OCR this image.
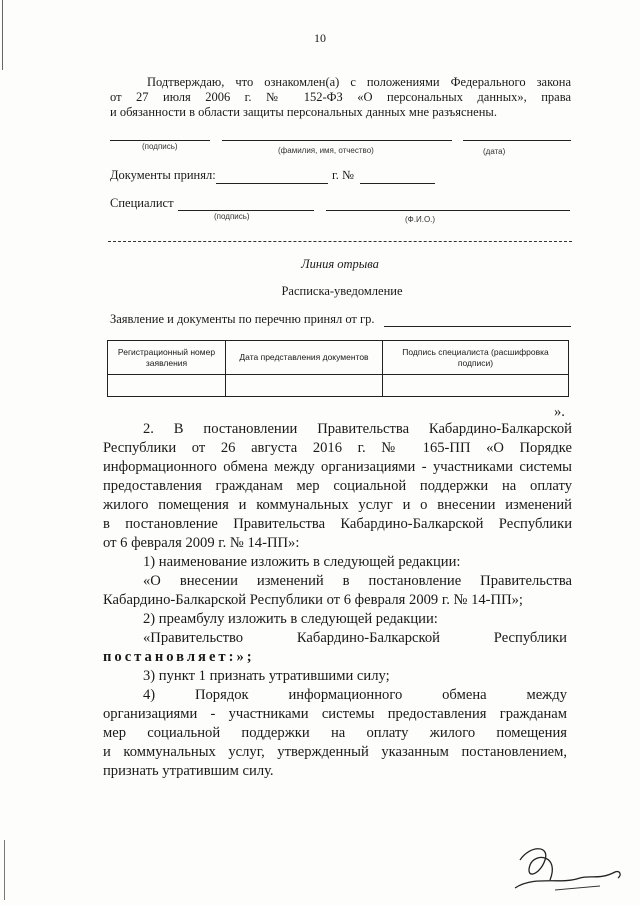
10
Подтверждаю, что ознакомлен(а) с положениями Федерального закона
от 27 июля 2006 г. № 152-ФЗ «О персональных данных», права
и обязанности в области защиты персональных данных мне разъяснены.
(подпись)	(фамилия, имя, отчество)	(дата)
Документы принял:	г. №
Специалист
(подпись)	(Ф.И.О.)
Линия отрыва
Расписка-уведомление
Заявление и документы по перечню принял от гр.
Регистрационный номер заявления	Дата представления документов	Подпись специалиста (расшифровка подписи)

».
2. В постановлении Правительства Кабардино-Балкарской
Республики от 26 августа 2016 г. № 165-ПП «О Порядке
информационного обмена между организациями - участниками системы
предоставления гражданам мер социальной поддержки на оплату
жилого помещения и коммунальных услуг и о внесении изменений
в постановление Правительства Кабардино-Балкарской Республики
от 6 февраля 2009 г. № 14-ПП»:
1) наименование изложить в следующей редакции:
«О внесении изменений в постановление Правительства
Кабардино-Балкарской Республики от 6 февраля 2009 г. № 14-ПП»;
2) преамбулу изложить в следующей редакции:
«Правительство Кабардино-Балкарской Республики
постановляет:»;
3) пункт 1 признать утратившими силу;
4) Порядок информационного обмена между
организациями - участниками системы предоставления гражданам
мер социальной поддержки на оплату жилого помещения
и коммунальных услуг, утвержденный указанным постановлением,
признать утратившим силу.
